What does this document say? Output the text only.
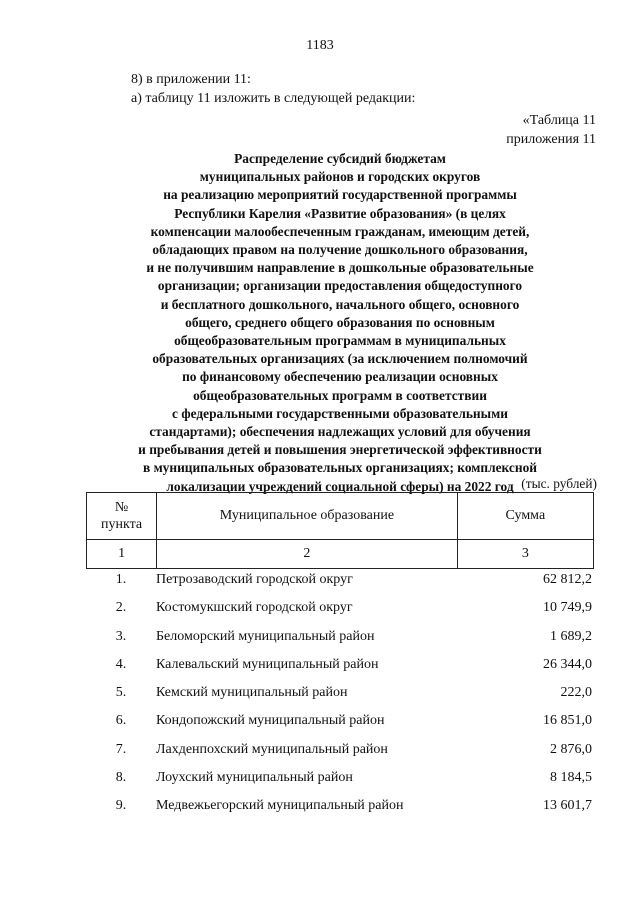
1183
8) в приложении 11:
а) таблицу 11 изложить в следующей редакции:
«Таблица 11
приложения 11
Распределение субсидий бюджетам
муниципальных районов и городских округов
на реализацию мероприятий государственной программы
Республики Карелия «Развитие образования» (в целях
компенсации малообеспеченным гражданам, имеющим детей,
обладающих правом на получение дошкольного образования,
и не получившим направление в дошкольные образовательные
организации; организации предоставления общедоступного
и бесплатного дошкольного, начального общего, основного
общего, среднего общего образования по основным
общеобразовательным программам в муниципальных
образовательных организациях (за исключением полномочий
по финансовому обеспечению реализации основных
общеобразовательных программ в соответствии
с федеральными государственными образовательными
стандартами); обеспечения надлежащих условий для обучения
и пребывания детей и повышения энергетической эффективности
в муниципальных образовательных организациях; комплексной
локализации учреждений социальной сферы) на 2022 год (тыс. рублей)
№
пункта	Муниципальное образование	Сумма
1	2	3
1.	Петрозаводский городской округ	62 812,2
2.	Костомукшский городской округ	10 749,9
3.	Беломорский муниципальный район	1 689,2
4.	Калевальский муниципальный район	26 344,0
5.	Кемский муниципальный район	222,0
6.	Кондопожский муниципальный район	16 851,0
7.	Лахденпохский муниципальный район	2 876,0
8.	Лоухский муниципальный район	8 184,5
9.	Медвежьегорский муниципальный район	13 601,7
